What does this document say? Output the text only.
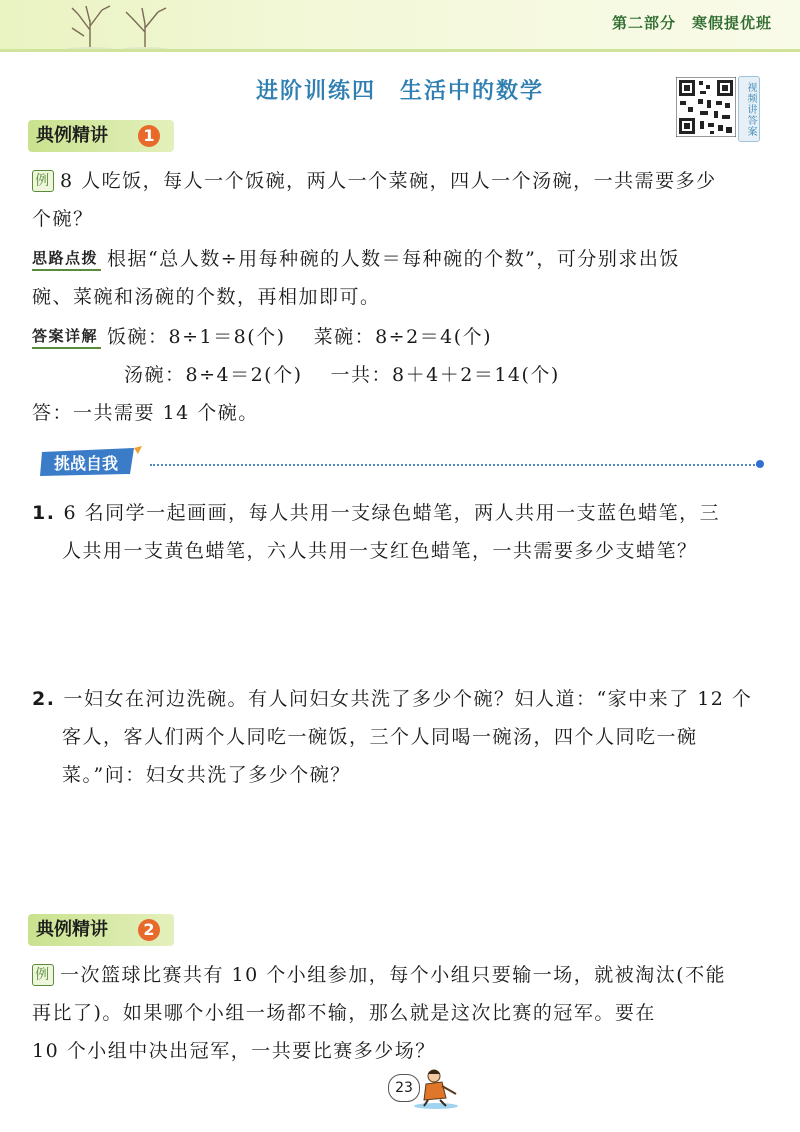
第二部分　寒假提优班
进阶训练四　生活中的数学	视频讲答案
典例精讲	1
例 8 人吃饭，每人一个饭碗，两人一个菜碗，四人一个汤碗，一共需要多少
个碗？
思路点拨 根据“总人数÷用每种碗的人数＝每种碗的个数”，可分别求出饭
碗、菜碗和汤碗的个数，再相加即可。
答案详解 饭碗：8÷1＝8(个)　 菜碗：8÷2＝4(个)
汤碗：8÷4＝2(个)　 一共：8＋4＋2＝14(个)
答：一共需要 14 个碗。
挑战自我
1. 6 名同学一起画画，每人共用一支绿色蜡笔，两人共用一支蓝色蜡笔，三
人共用一支黄色蜡笔，六人共用一支红色蜡笔，一共需要多少支蜡笔？
2. 一妇女在河边洗碗。有人问妇女共洗了多少个碗？妇人道：“家中来了 12 个
客人，客人们两个人同吃一碗饭，三个人同喝一碗汤，四个人同吃一碗
菜。”问：妇女共洗了多少个碗？
典例精讲	2
例 一次篮球比赛共有 10 个小组参加，每个小组只要输一场，就被淘汰(不能
再比了)。如果哪个小组一场都不输，那么就是这次比赛的冠军。要在
10 个小组中决出冠军，一共要比赛多少场？
23
